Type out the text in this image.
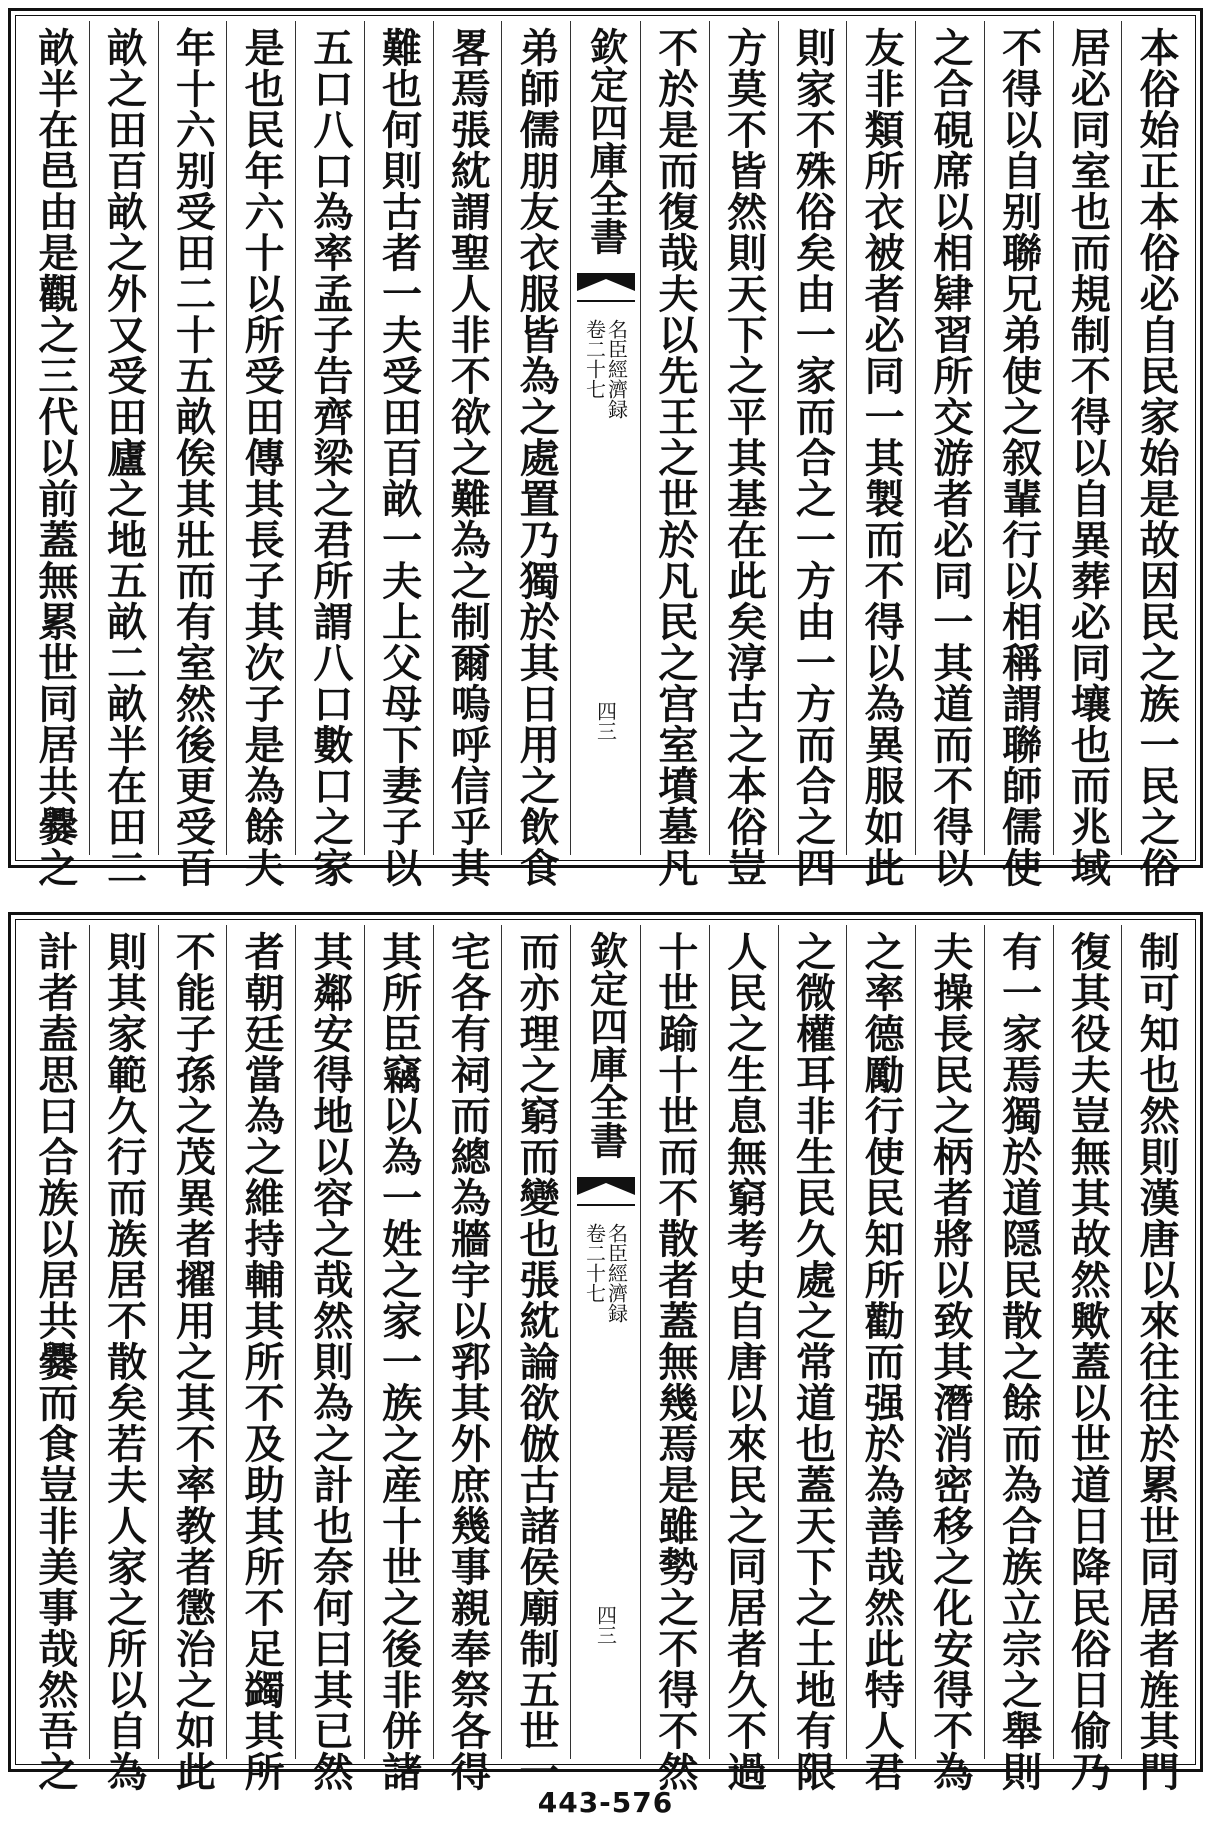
本俗始正本俗必自民家始是故因民之族一民之俗
居必同室也而規制不得以自異葬必同壤也而兆域
不得以自别聯兄弟使之叙輩行以相稱謂聯師儒使
之合硯席以相肄習所交游者必同一其道而不得以
友非類所衣被者必同一其製而不得以為異服如此
則家不殊俗矣由一家而合之一方由一方而合之四
方莫不皆然則天下之平其基在此矣淳古之本俗豈
不於是而復哉夫以先王之世於凡民之宫室墳墓凡
欽定四庫全書
名臣經濟録
卷二十七
四三
弟師儒朋友衣服皆為之處置乃獨於其日用之飲食
畧焉張紞謂聖人非不欲之難為之制爾嗚呼信乎其
難也何則古者一夫受田百畝一夫上父母下妻子以
五口八口為率孟子告齊梁之君所謂八口數口之家
是也民年六十以所受田傳其長子其次子是為餘夫
年十六别受田二十五畝俟其壯而有室然後更受百
畝之田百畝之外又受田廬之地五畝二畝半在田二
畝半在邑由是觀之三代以前蓋無累世同居共爨之
制可知也然則漢唐以來往往於累世同居者旌其門
復其役夫豈無其故然歟蓋以世道日降民俗日偷乃
有一家焉獨於道隠民散之餘而為合族立宗之舉則
夫操長民之柄者將以致其潛消密移之化安得不為
之率德勵行使民知所勸而强於為善哉然此特人君
之微權耳非生民久處之常道也蓋天下之土地有限
人民之生息無窮考史自唐以來民之同居者久不過
十世踰十世而不散者蓋無幾焉是雖勢之不得不然
欽定四庫全書
名臣經濟録
卷二十七
四三
而亦理之窮而變也張紞論欲倣古諸侯廟制五世一
宅各有祠而總為牆宇以郛其外庶幾事親奉祭各得
其所臣竊以為一姓之家一族之産十世之後非併諸
其鄰安得地以容之哉然則為之計也奈何曰其已然
者朝廷當為之維持輔其所不及助其所不足蠲其所
不能子孫之茂異者擢用之其不率教者懲治之如此
則其家範久行而族居不散矣若夫人家之所以自為
計者盍思曰合族以居共爨而食豈非美事哉然吾之
443-576
